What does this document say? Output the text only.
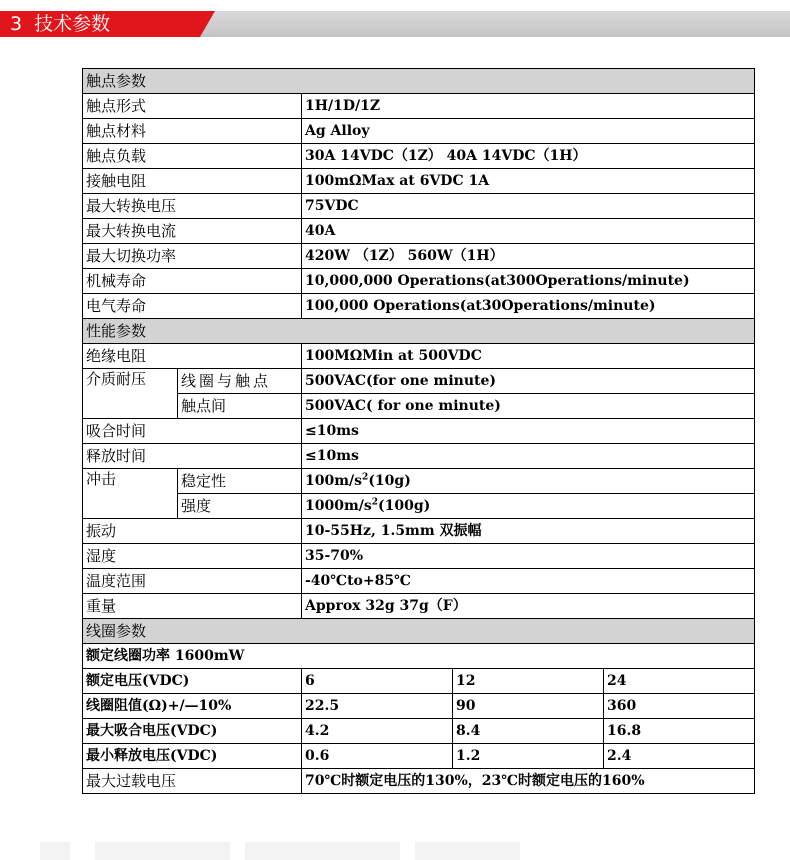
3  技术参数
触点参数				
触点形式		1H/1D/1Z		
触点材料		Ag Alloy		
触点负载		30A 14VDC（1Z） 40A 14VDC（1H）		
接触电阻		100mΩMax at 6VDC 1A		
最大转换电压		75VDC		
最大转换电流		40A		
最大切换功率		420W （1Z） 560W（1H）		
机械寿命		10,000,000 Operations(at300Operations/minute)		
电气寿命		100,000 Operations(at30Operations/minute)		
性能参数				
绝缘电阻		100MΩMin at 500VDC		
介质耐压	线圈与触点	500VAC(for one minute)		
	触点间	500VAC( for one minute)		
吸合时间		≤10ms		
释放时间		≤10ms		
冲击	稳定性	$100m/s^2(10g)$		
	强度	$1000m/s^2(100g)$		
振动		10-55Hz, 1.5mm 双振幅		
湿度		35-70%		
温度范围		-40℃to+85℃		
重量		Approx 32g 37g（F）		
线圈参数				
额定线圈功率 1600mW				
额定电压(VDC)		6	12	24
线圈阻值(Ω)+/—10%		22.5	90	360
最大吸合电压(VDC)		4.2	8.4	16.8
最小释放电压(VDC)		0.6	1.2	2.4
最大过载电压		70℃时额定电压的130%，23℃时额定电压的160%		
